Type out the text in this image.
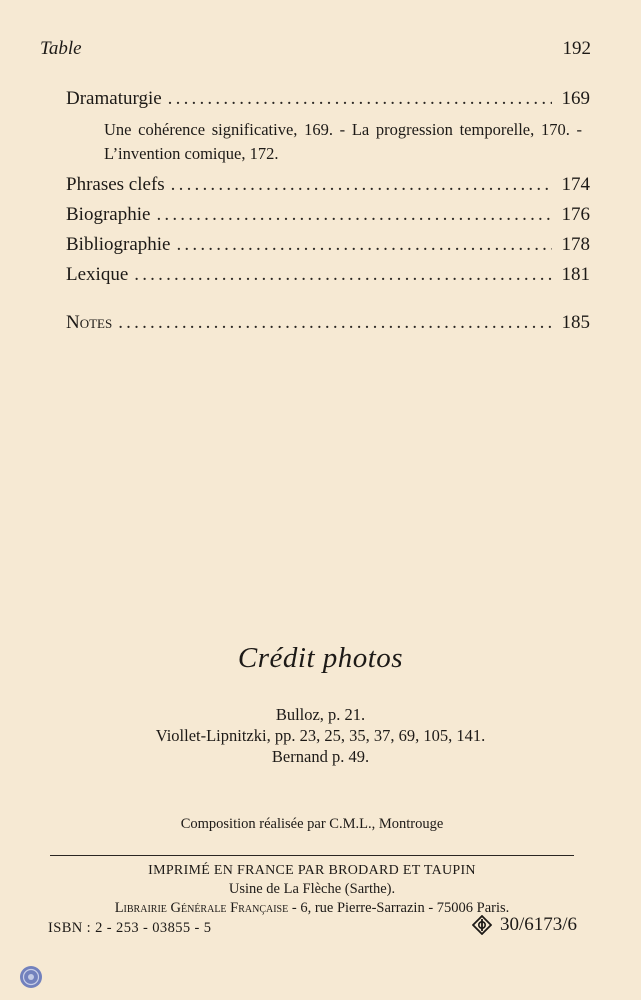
Table	192
Dramaturgie .....	169
Une cohérence significative, 169. - La progression temporelle, 170. - L’invention comique, 172.
Phrases clefs .....	174
Biographie .....	176
Bibliographie .....	178
Lexique .....	181
Notes .....	185
Crédit photos
Bulloz, p. 21.
Viollet-Lipnitzki, pp. 23, 25, 35, 37, 69, 105, 141.
Bernand p. 49.
Composition réalisée par C.M.L., Montrouge
IMPRIMÉ EN FRANCE PAR BRODARD ET TAUPIN
Usine de La Flèche (Sarthe).
Librairie Générale Française - 6, rue Pierre-Sarrazin - 75006 Paris.
ISBN : 2 - 253 - 03855 - 5	30/6173/6
